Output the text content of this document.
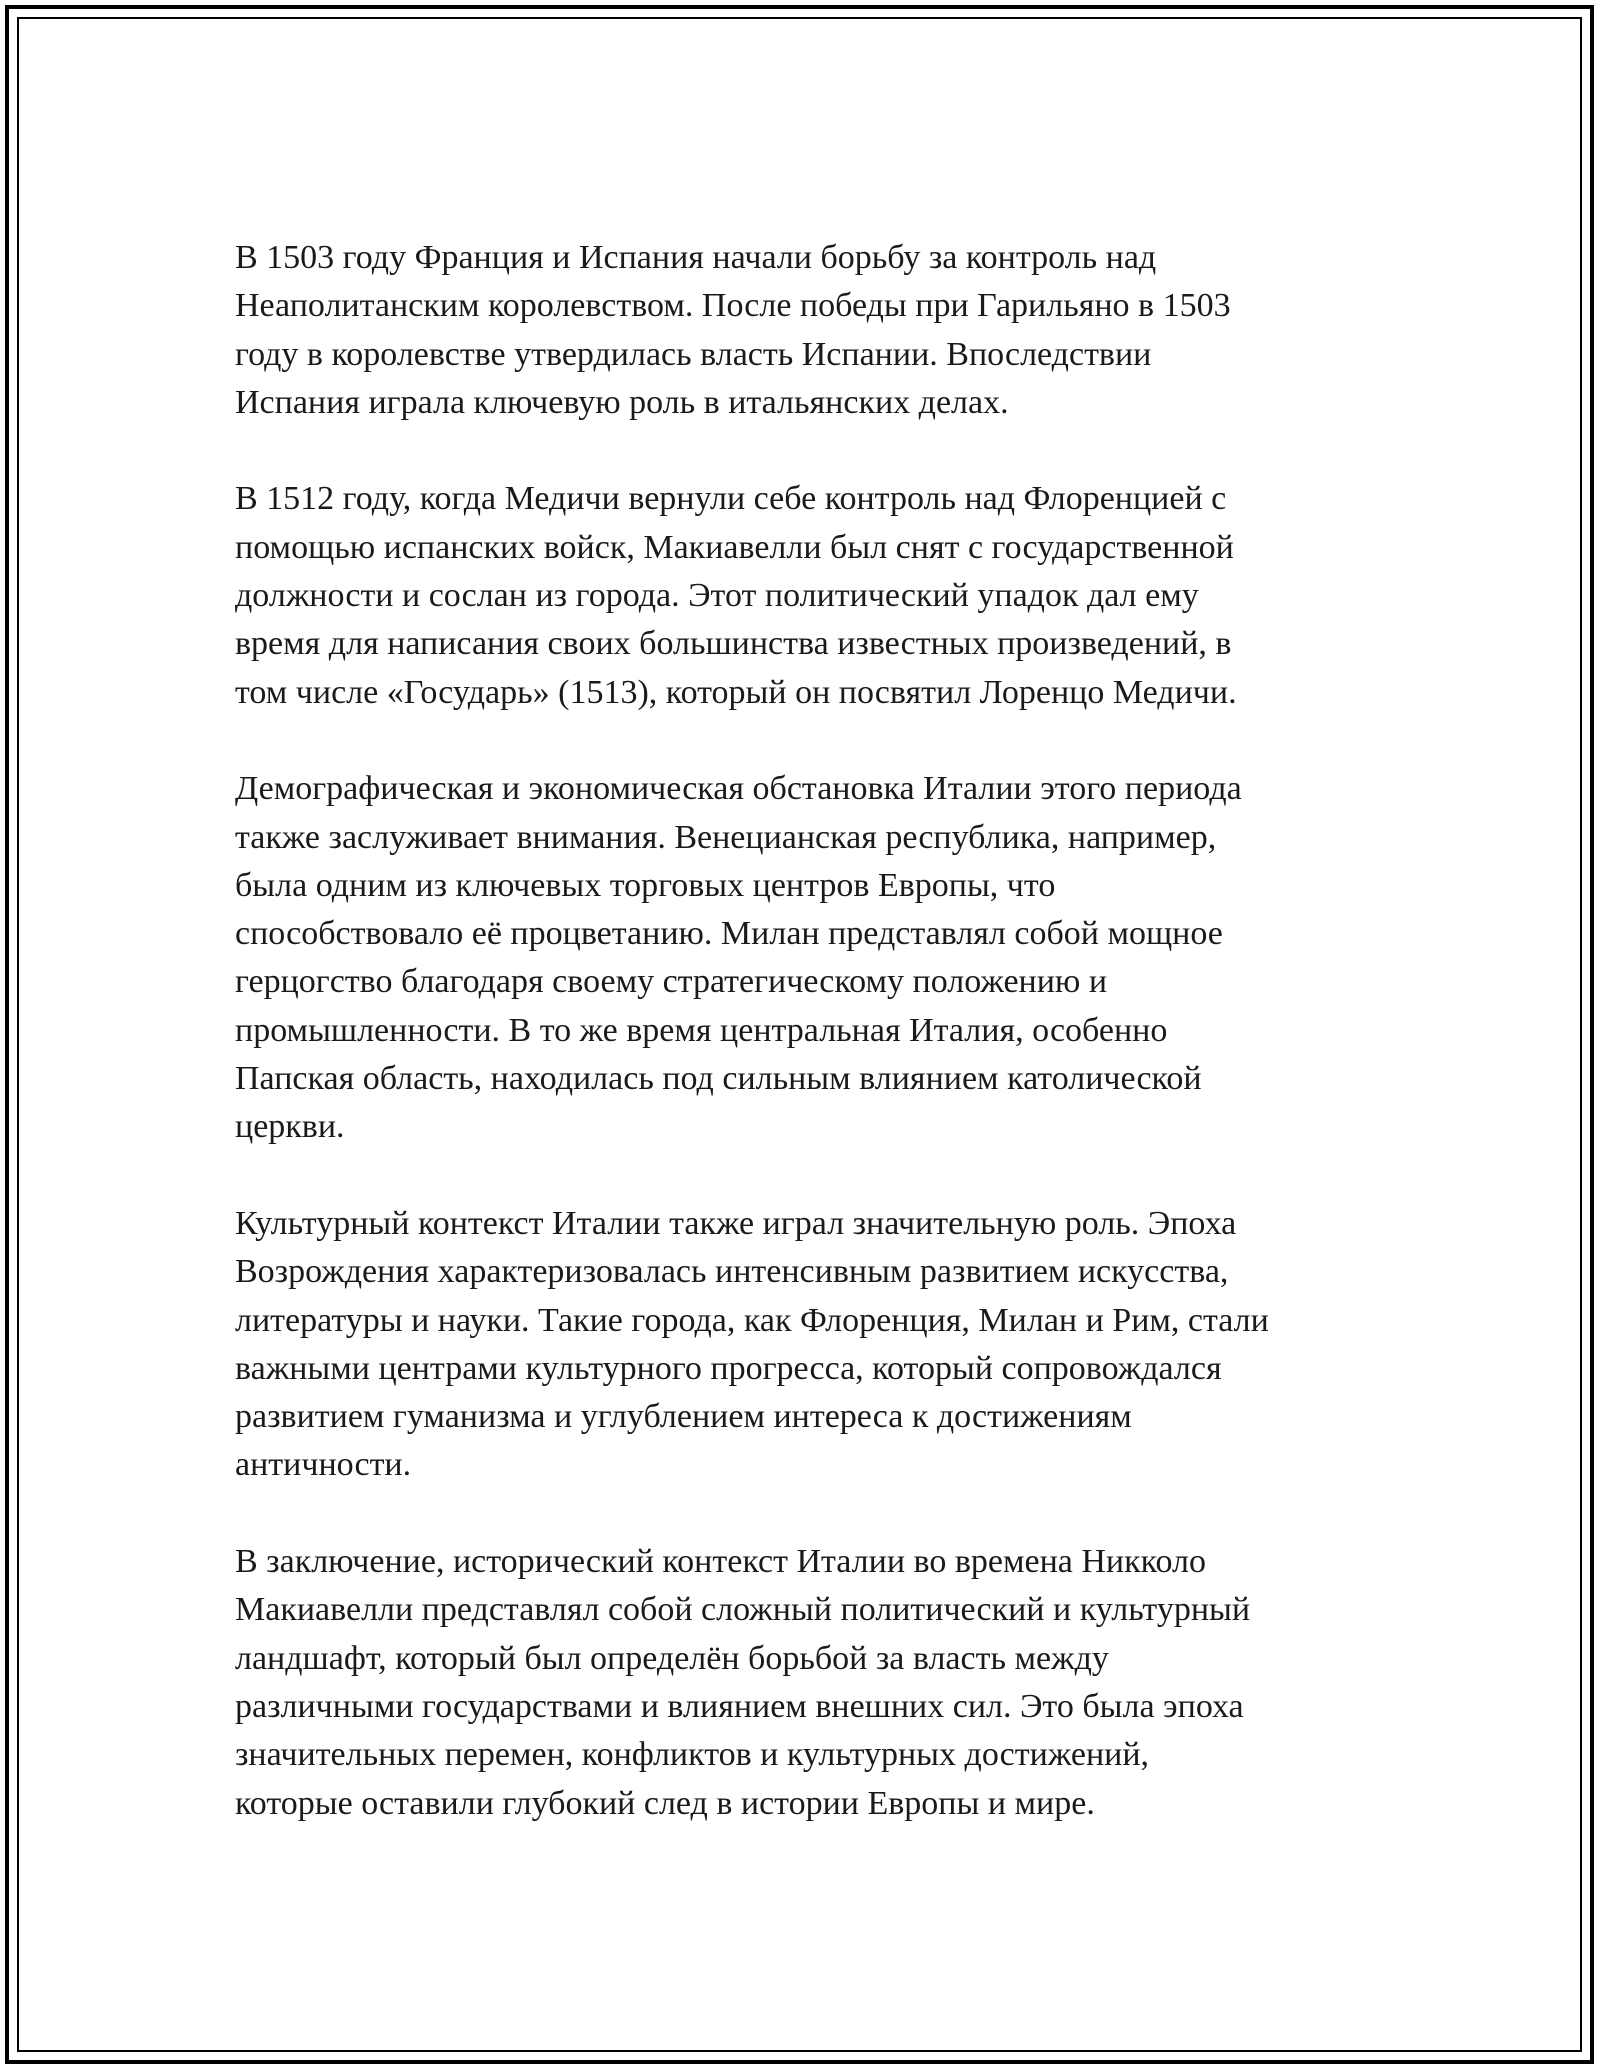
В 1503 году Франция и Испания начали борьбу за контроль над
Неаполитанским королевством. После победы при Гарильяно в 1503
году в королевстве утвердилась власть Испании. Впоследствии
Испания играла ключевую роль в итальянских делах.

В 1512 году, когда Медичи вернули себе контроль над Флоренцией с
помощью испанских войск, Макиавелли был снят с государственной
должности и сослан из города. Этот политический упадок дал ему
время для написания своих большинства известных произведений, в
том числе «Государь» (1513), который он посвятил Лоренцо Медичи.

Демографическая и экономическая обстановка Италии этого периода
также заслуживает внимания. Венецианская республика, например,
была одним из ключевых торговых центров Европы, что
способствовало её процветанию. Милан представлял собой мощное
герцогство благодаря своему стратегическому положению и
промышленности. В то же время центральная Италия, особенно
Папская область, находилась под сильным влиянием католической
церкви.

Культурный контекст Италии также играл значительную роль. Эпоха
Возрождения характеризовалась интенсивным развитием искусства,
литературы и науки. Такие города, как Флоренция, Милан и Рим, стали
важными центрами культурного прогресса, который сопровождался
развитием гуманизма и углублением интереса к достижениям
античности.

В заключение, исторический контекст Италии во времена Никколо
Макиавелли представлял собой сложный политический и культурный
ландшафт, который был определён борьбой за власть между
различными государствами и влиянием внешних сил. Это была эпоха
значительных перемен, конфликтов и культурных достижений,
которые оставили глубокий след в истории Европы и мире.
